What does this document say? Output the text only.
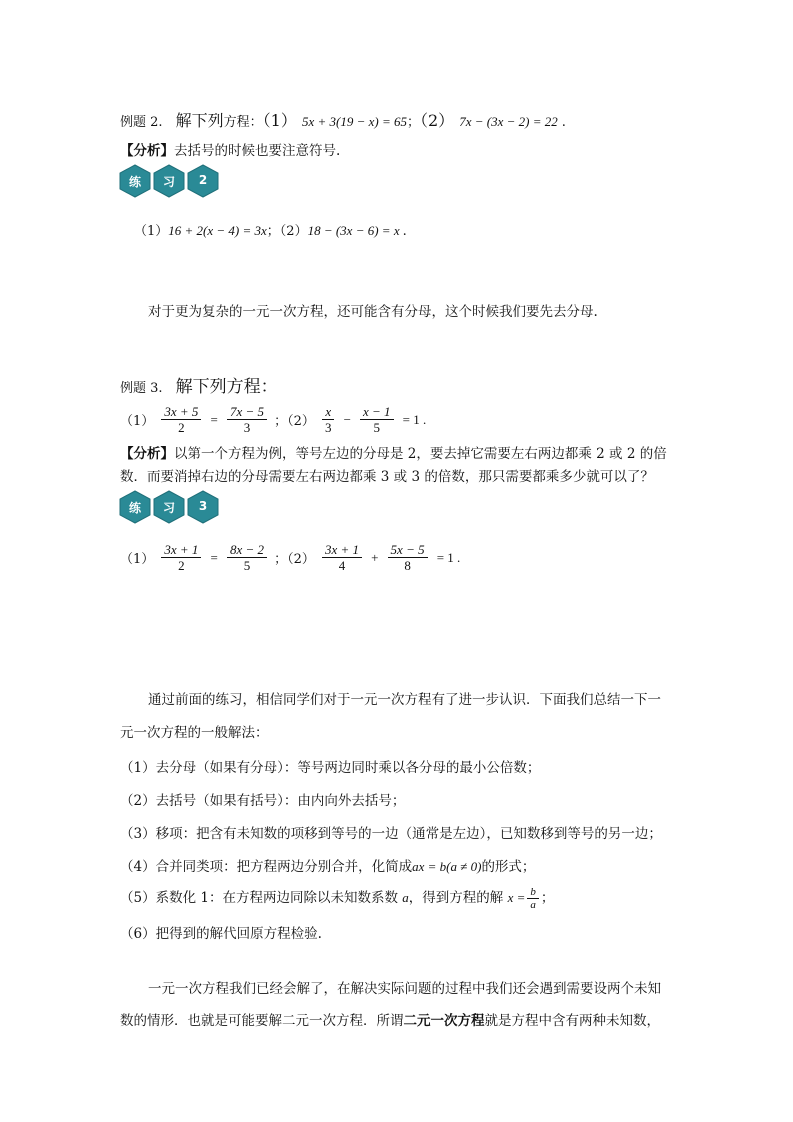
例题 2. 解下列方程：（1） 5x + 3(19 − x) = 65；（2） 7x − (3x − 2) = 22 .
【分析】去括号的时候也要注意符号.
练	习	2
（1）16 + 2(x − 4) = 3x；（2）18 − (3x − 6) = x .
对于更为复杂的一元一次方程，还可能含有分母，这个时候我们要先去分母.
例题 3. 解下列方程：
$(1) \frac{3x + 5}{2} = \frac{7x - 5}{3}$ ；$(2) \frac{x}{3} - \frac{x - 1}{5} = 1$ .
【分析】以第一个方程为例，等号左边的分母是 2，要去掉它需要左右两边都乘 2 或 2 的倍
数．而要消掉右边的分母需要左右两边都乘 3 或 3 的倍数，那只需要都乘多少就可以了？
练	习	3
$(1) \frac{3x + 1}{2} = \frac{8x - 2}{5}$ ；$(2) \frac{3x + 1}{4} + \frac{5x - 5}{8} = 1$ .
通过前面的练习，相信同学们对于一元一次方程有了进一步认识．下面我们总结一下一
元一次方程的一般解法：
（1）去分母（如果有分母）：等号两边同时乘以各分母的最小公倍数；
（2）去括号（如果有括号）：由内向外去括号；
（3）移项：把含有未知数的项移到等号的一边（通常是左边），已知数移到等号的另一边；
（4）合并同类项：把方程两边分别合并，化简成ax = b(a ≠ 0)的形式；
（5）系数化 1：在方程两边同除以未知数系数 a，得到方程的解 $x = \frac{b}{a}$ ；
（6）把得到的解代回原方程检验.
一元一次方程我们已经会解了，在解决实际问题的过程中我们还会遇到需要设两个未知
数的情形．也就是可能要解二元一次方程．所谓二元一次方程就是方程中含有两种未知数，
